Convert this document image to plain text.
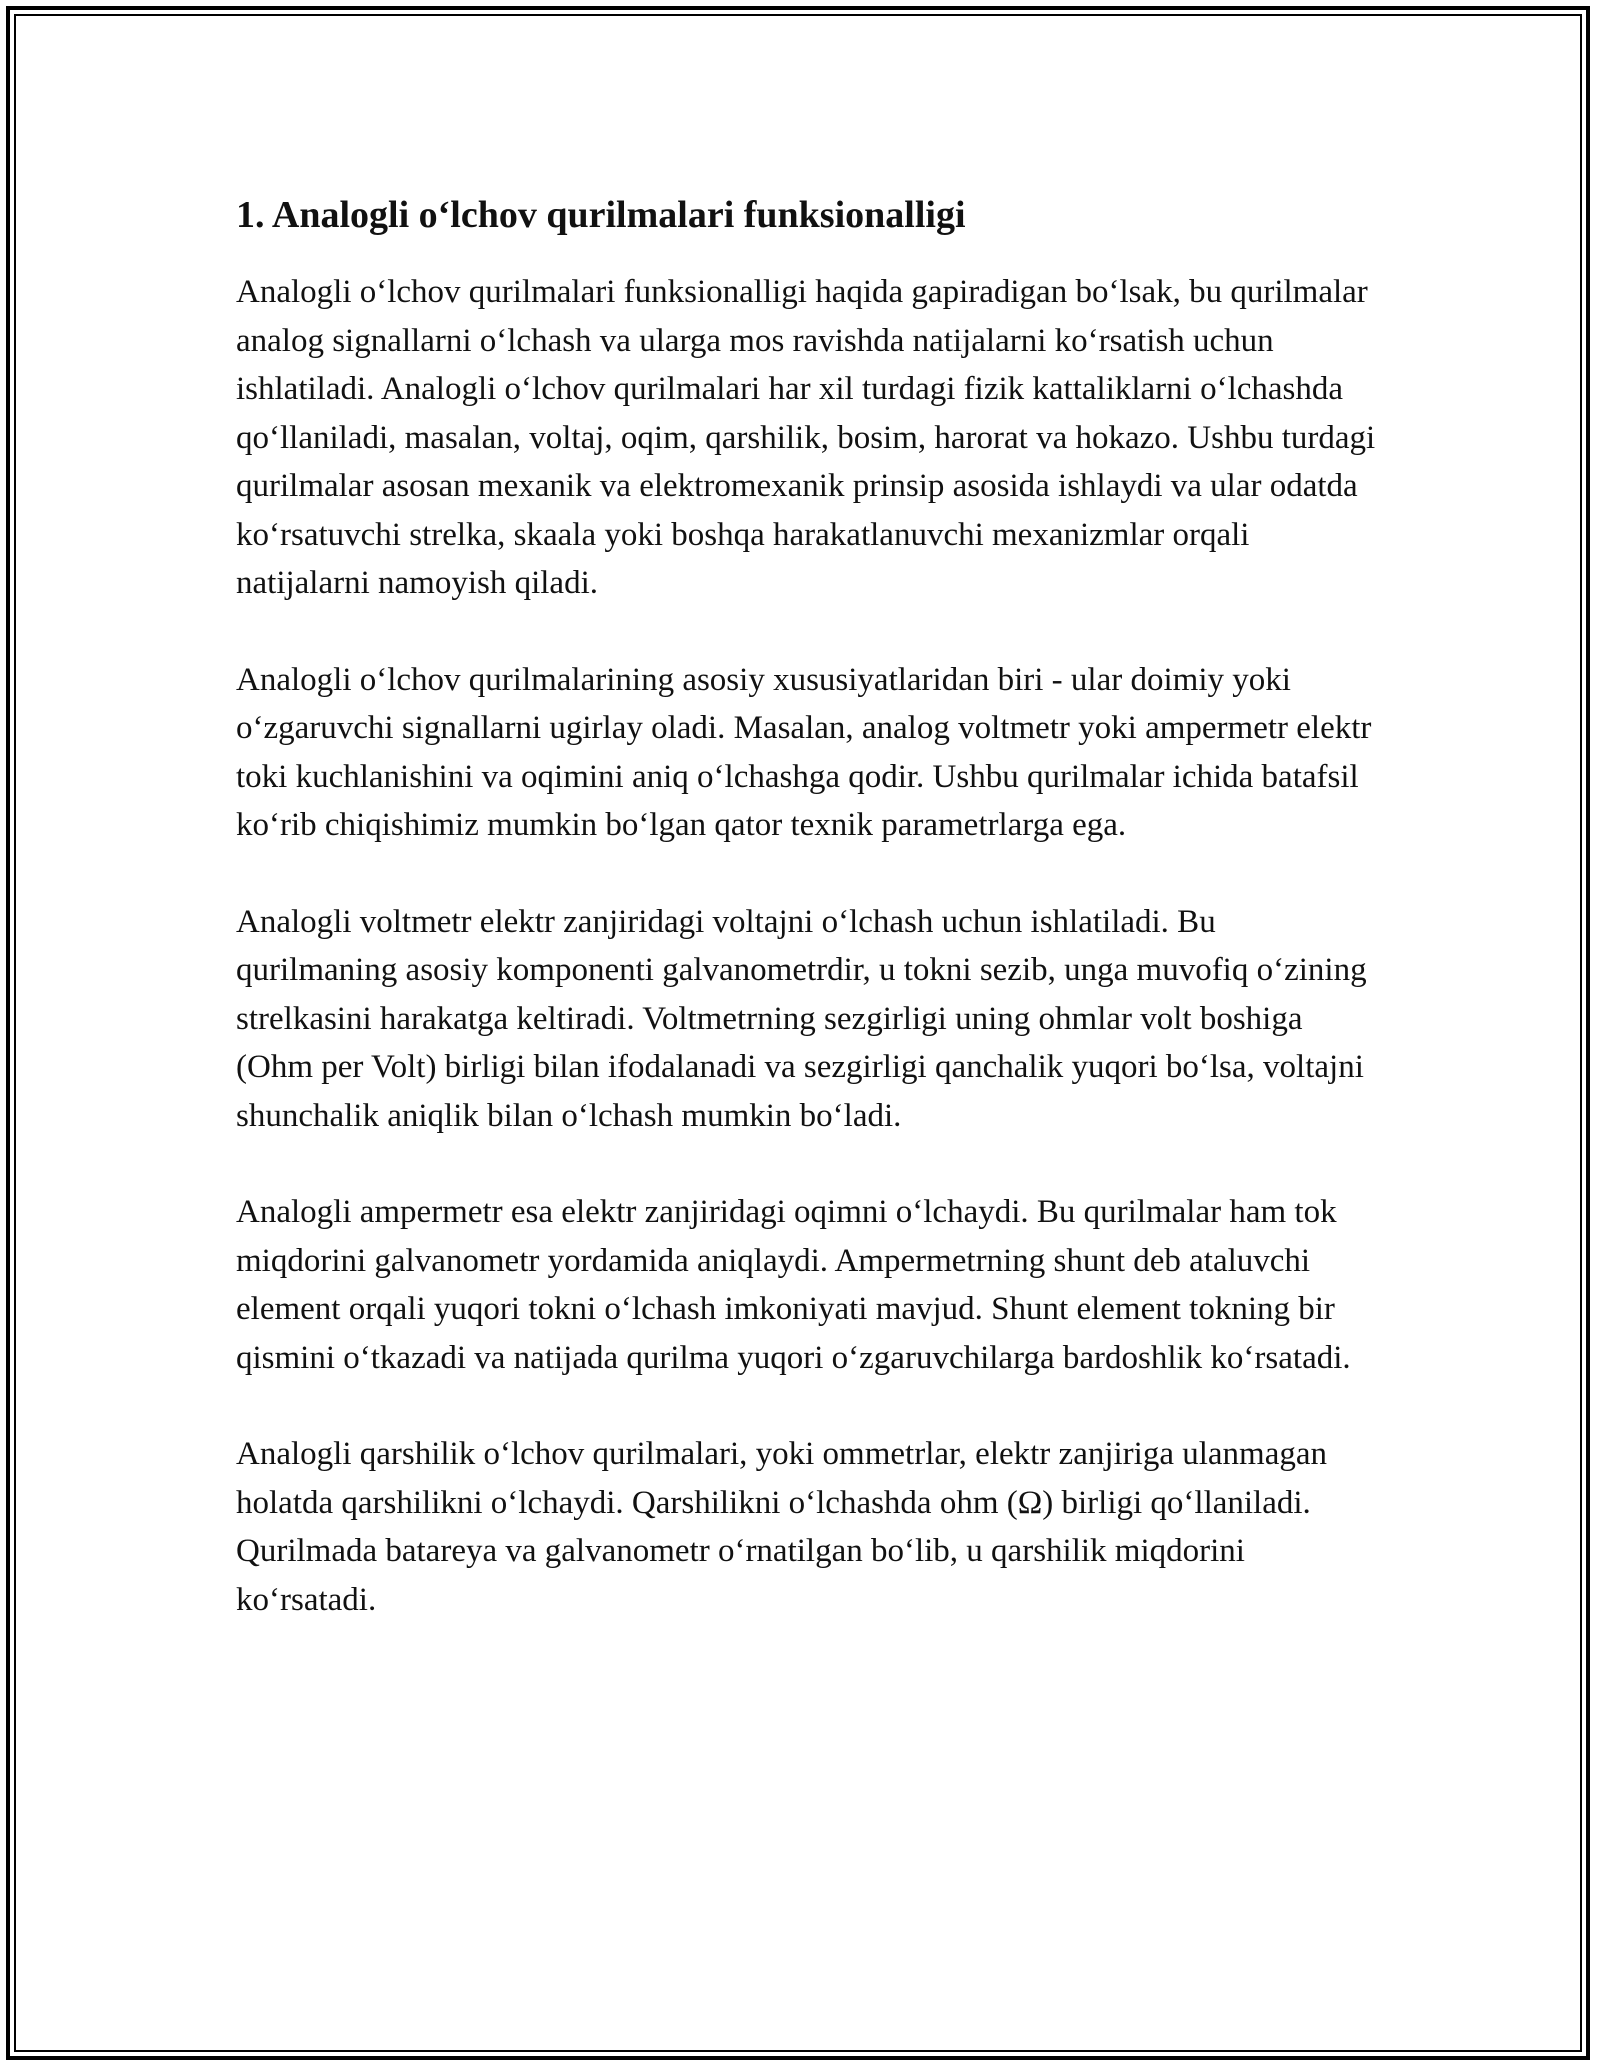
1. Analogli oʻlchov qurilmalari funksionalligi

Analogli oʻlchov qurilmalari funksionalligi haqida gapiradigan boʻlsak, bu qurilmalar analog signallarni oʻlchash va ularga mos ravishda natijalarni koʻrsatish uchun ishlatiladi. Analogli oʻlchov qurilmalari har xil turdagi fizik kattaliklarni oʻlchashda qoʻllaniladi, masalan, voltaj, oqim, qarshilik, bosim, harorat va hokazo. Ushbu turdagi qurilmalar asosan mexanik va elektromexanik prinsip asosida ishlaydi va ular odatda koʻrsatuvchi strelka, skaala yoki boshqa harakatlanuvchi mexanizmlar orqali natijalarni namoyish qiladi.

Analogli oʻlchov qurilmalarining asosiy xususiyatlaridan biri - ular doimiy yoki oʻzgaruvchi signallarni ugirlay oladi. Masalan, analog voltmetr yoki ampermetr elektr toki kuchlanishini va oqimini aniq oʻlchashga qodir. Ushbu qurilmalar ichida batafsil koʻrib chiqishimiz mumkin boʻlgan qator texnik parametrlarga ega.

Analogli voltmetr elektr zanjiridagi voltajni oʻlchash uchun ishlatiladi. Bu qurilmaning asosiy komponenti galvanometrdir, u tokni sezib, unga muvofiq oʻzining strelkasini harakatga keltiradi. Voltmetrning sezgirligi uning ohmlar volt boshiga (Ohm per Volt) birligi bilan ifodalanadi va sezgirligi qanchalik yuqori boʻlsa, voltajni shunchalik aniqlik bilan oʻlchash mumkin boʻladi.

Analogli ampermetr esa elektr zanjiridagi oqimni oʻlchaydi. Bu qurilmalar ham tok miqdorini galvanometr yordamida aniqlaydi. Ampermetrning shunt deb ataluvchi element orqali yuqori tokni oʻlchash imkoniyati mavjud. Shunt element tokning bir qismini oʻtkazadi va natijada qurilma yuqori oʻzgaruvchilarga bardoshlik koʻrsatadi.

Analogli qarshilik oʻlchov qurilmalari, yoki ommetrlar, elektr zanjiriga ulanmagan holatda qarshilikni oʻlchaydi. Qarshilikni oʻlchashda ohm (Ω) birligi qoʻllaniladi. Qurilmada batareya va galvanometr oʻrnatilgan boʻlib, u qarshilik miqdorini koʻrsatadi.
